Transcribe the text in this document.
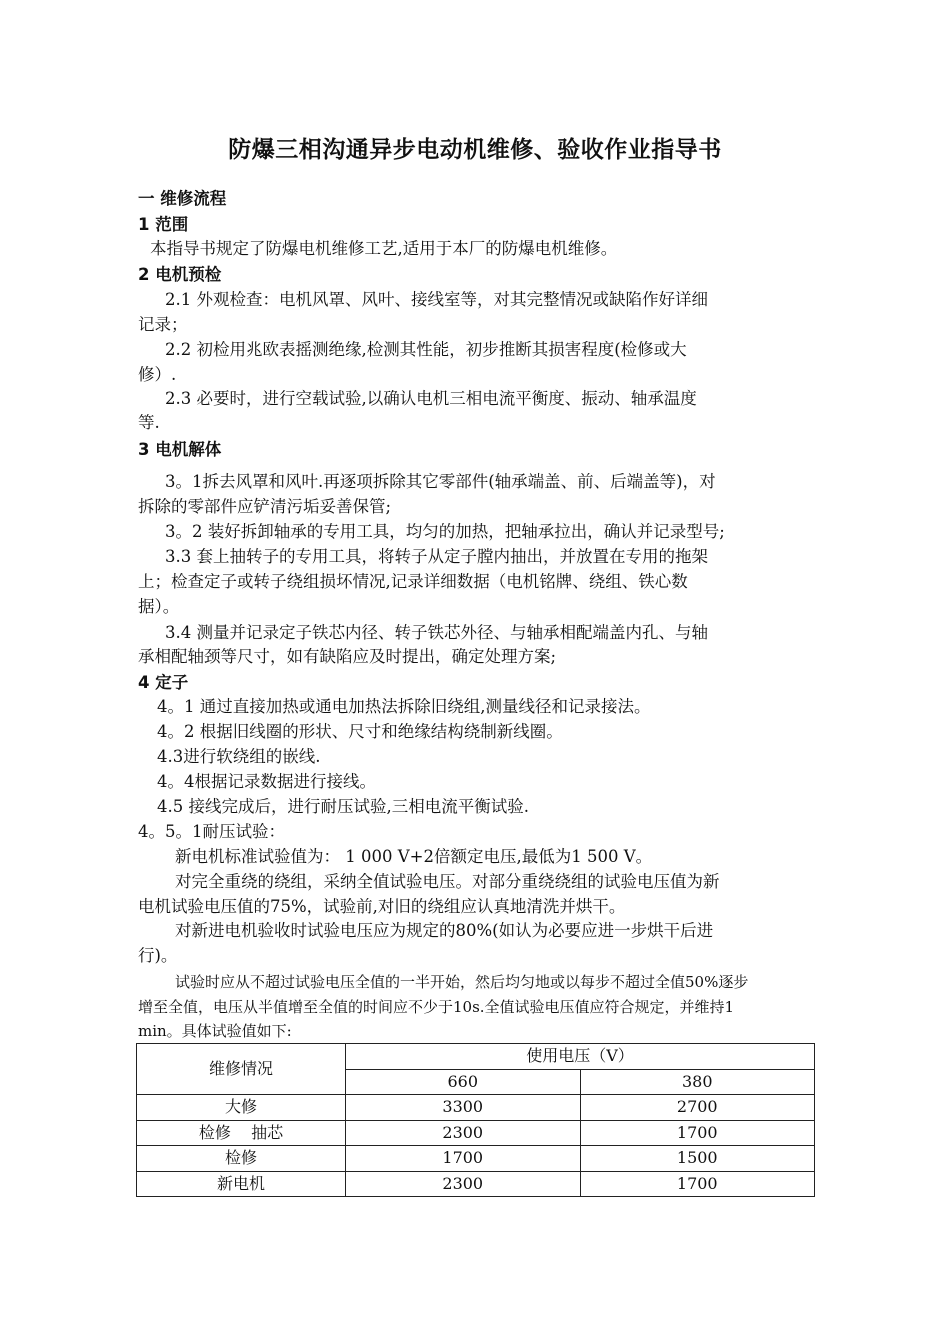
防爆三相沟通异步电动机维修、验收作业指导书
一 维修流程
1 范围
本指导书规定了防爆电机维修工艺,适用于本厂的防爆电机维修。
2 电机预检
2.1 外观检查：电机风罩、风叶、接线室等，对其完整情况或缺陷作好详细
记录；
2.2 初检用兆欧表摇测绝缘,检测其性能，初步推断其损害程度(检修或大
修）.
2.3 必要时，进行空载试验,以确认电机三相电流平衡度、振动、轴承温度
等.
3 电机解体
3。1拆去风罩和风叶.再逐项拆除其它零部件(轴承端盖、前、后端盖等)，对
拆除的零部件应铲清污垢妥善保管;
3。2 装好拆卸轴承的专用工具，均匀的加热，把轴承拉出，确认并记录型号;
3.3 套上抽转子的专用工具，将转子从定子膛内抽出，并放置在专用的拖架
上；检查定子或转子绕组损坏情况,记录详细数据（电机铭牌、绕组、铁心数
据）。
3.4 测量并记录定子铁芯内径、转子铁芯外径、与轴承相配端盖内孔、与轴
承相配轴颈等尺寸，如有缺陷应及时提出，确定处理方案;
4 定子
4。1 通过直接加热或通电加热法拆除旧绕组,测量线径和记录接法。
4。2 根据旧线圈的形状、尺寸和绝缘结构绕制新线圈。
4.3进行软绕组的嵌线.
4。4根据记录数据进行接线。
4.5 接线完成后，进行耐压试验,三相电流平衡试验.
4。5。1耐压试验：
新电机标准试验值为： 1 000 V+2倍额定电压,最低为1 500 V。
对完全重绕的绕组，采纳全值试验电压。对部分重绕绕组的试验电压值为新
电机试验电压值的75%，试验前,对旧的绕组应认真地清洗并烘干。
对新进电机验收时试验电压应为规定的80%(如认为必要应进一步烘干后进
行)。
试验时应从不超过试验电压全值的一半开始，然后均匀地或以每步不超过全值50%逐步
增至全值，电压从半值增至全值的时间应不少于10s.全值试验电压值应符合规定，并维持1
min。具体试验值如下:
维修情况	使用电压（V）	
	660	380
大修	3300	2700
检修    抽芯	2300	1700
检修	1700	1500
新电机	2300	1700
